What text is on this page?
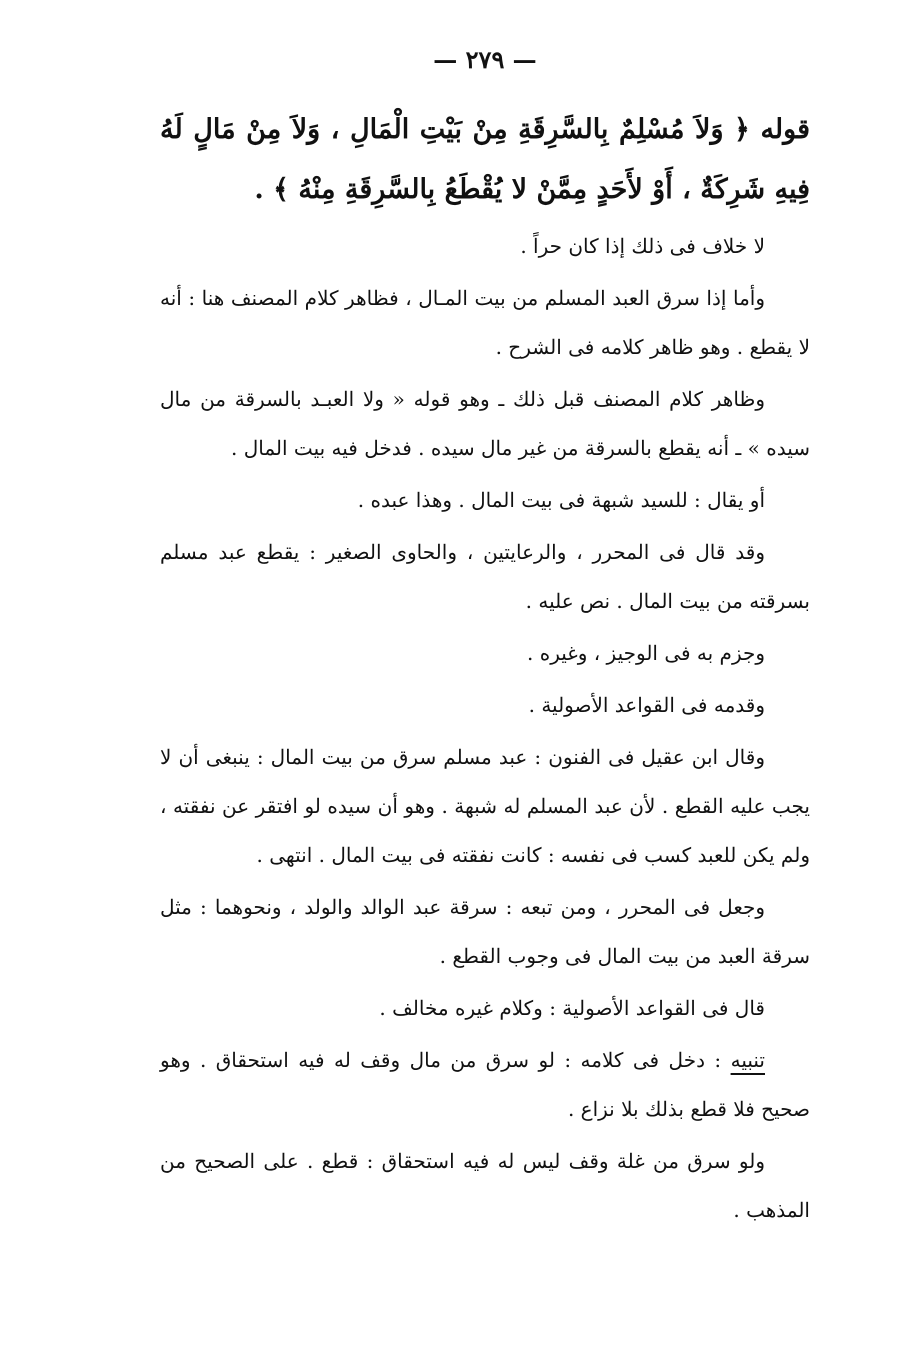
— ٢٧٩ —

قوله ﴿ وَلاَ مُسْلِمٌ بِالسَّرِقَةِ مِنْ بَيْتِ الْمَالِ ، وَلاَ مِنْ مَالٍ لَهُ فِيهِ شَرِكَةٌ ، أَوْ لأَحَدٍ مِمَّنْ لا يُقْطَعُ بِالسَّرِقَةِ مِنْهُ ﴾ .

لا خلاف فى ذلك إذا كان حراً .

وأما إذا سرق العبد المسلم من بيت المـال ، فظاهر كلام المصنف هنا : أنه لا يقطع . وهو ظاهر كلامه فى الشرح .

وظاهر كلام المصنف قبل ذلك ـ وهو قوله « ولا العبـد بالسرقة من مال سيده » ـ أنه يقطع بالسرقة من غير مال سيده . فدخل فيه بيت المال .

أو يقال : للسيد شبهة فى بيت المال . وهذا عبده .

وقد قال فى المحرر ، والرعايتين ، والحاوى الصغير : يقطع عبد مسلم بسرقته من بيت المال . نص عليه .

وجزم به فى الوجيز ، وغيره .

وقدمه فى القواعد الأصولية .

وقال ابن عقيل فى الفنون : عبد مسلم سرق من بيت المال : ينبغى أن لا يجب عليه القطع . لأن عبد المسلم له شبهة . وهو أن سيده لو افتقر عن نفقته ، ولم يكن للعبد كسب فى نفسه : كانت نفقته فى بيت المال . انتهى .

وجعل فى المحرر ، ومن تبعه : سرقة عبد الوالد والولد ، ونحوهما : مثل سرقة العبد من بيت المال فى وجوب القطع .

قال فى القواعد الأصولية : وكلام غيره مخالف .

تنبيه : دخل فى كلامه : لو سرق من مال وقف له فيه استحقاق . وهو صحيح فلا قطع بذلك بلا نزاع .

ولو سرق من غلة وقف ليس له فيه استحقاق : قطع . على الصحيح من المذهب .
